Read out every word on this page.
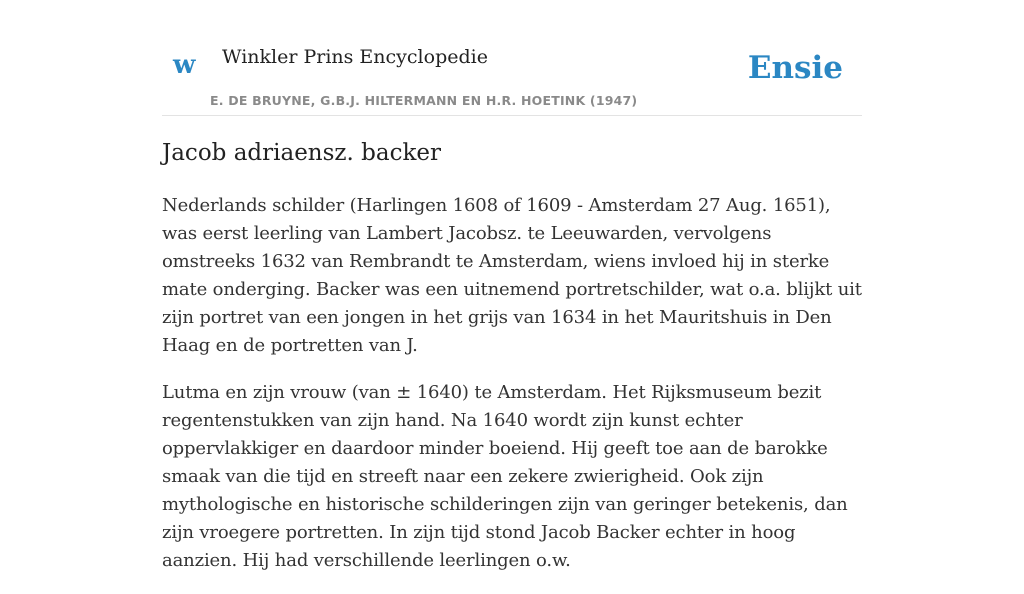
w Winkler Prins Encyclopedie
E. DE BRUYNE, G.B.J. HILTERMANN EN H.R. HOETINK (1947)
Ensie
Jacob adriaensz. backer

Nederlands schilder (Harlingen 1608 of 1609 - Amsterdam 27 Aug. 1651), was eerst leerling van Lambert Jacobsz. te Leeuwarden, vervolgens omstreeks 1632 van Rembrandt te Amsterdam, wiens invloed hij in sterke mate onderging. Backer was een uitnemend portretschilder, wat o.a. blijkt uit zijn portret van een jongen in het grijs van 1634 in het Mauritshuis in Den Haag en de portretten van J.

Lutma en zijn vrouw (van ± 1640) te Amsterdam. Het Rijksmuseum bezit regentenstukken van zijn hand. Na 1640 wordt zijn kunst echter oppervlakkiger en daardoor minder boeiend. Hij geeft toe aan de barokke smaak van die tijd en streeft naar een zekere zwierigheid. Ook zijn mythologische en historische schilderingen zijn van geringer betekenis, dan zijn vroegere portretten. In zijn tijd stond Jacob Backer echter in hoog aanzien. Hij had verschillende leerlingen o.w.
